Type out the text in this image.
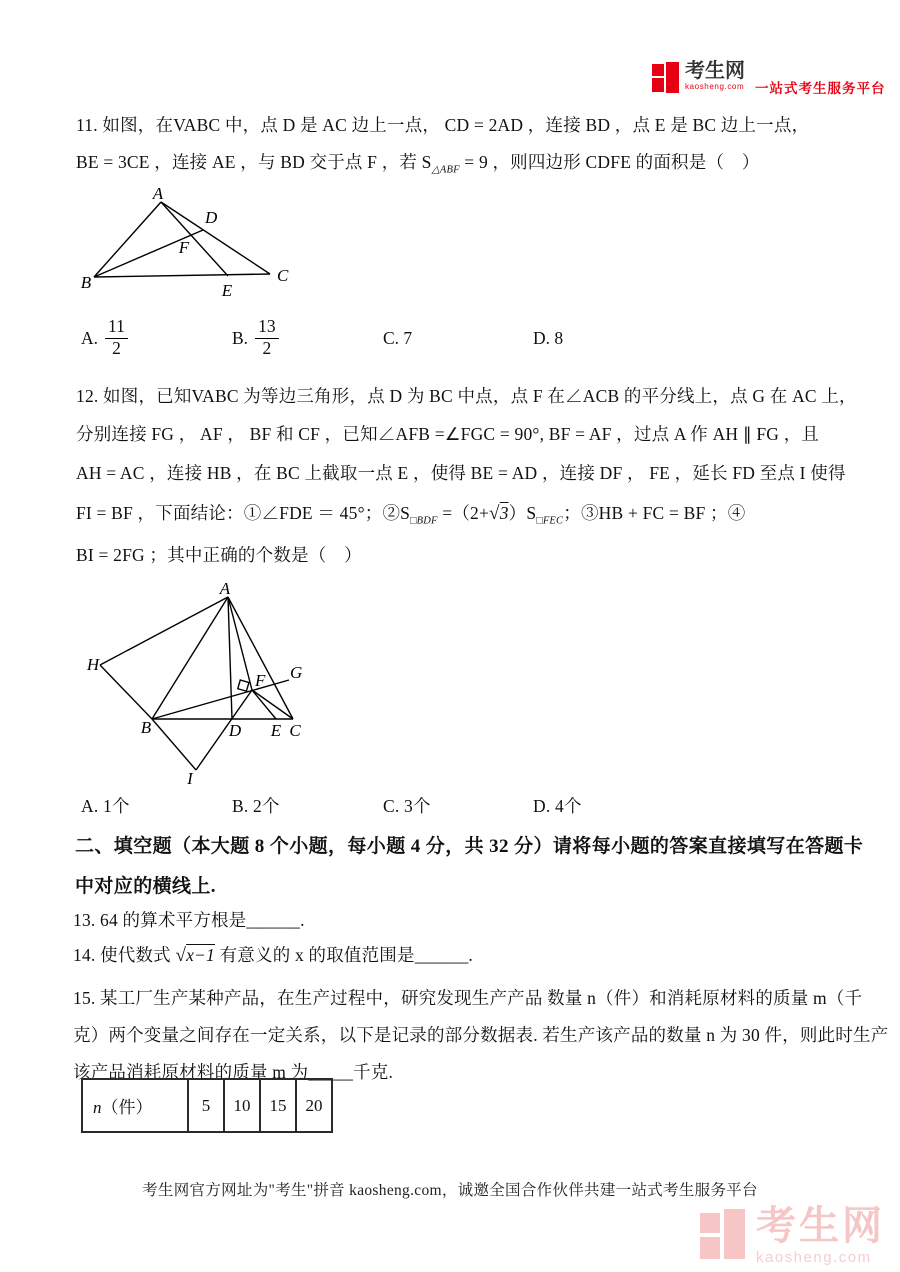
考生网
kaosheng.com 一站式考生服务平台
11. 如图，在VABC 中，点 D 是 AC 边上一点， CD = 2AD ，连接 BD ，点 E 是 BC 边上一点，
BE = 3CE ，连接 AE ，与 BD 交于点 F ，若 $S_{\triangle ABF} = 9$ ，则四边形 CDFE 的面积是（　）
A
B	C
D
E
F
A. $\frac{11}{2}$	B. $\frac{13}{2}$	C. 7	D. 8
12. 如图，已知VABC 为等边三角形，点 D 为 BC 中点，点 F 在∠ACB 的平分线上，点 G 在 AC 上，
分别连接 FG ， AF ， BF 和 CF ，已知∠AFB =∠FGC = 90°, BF = AF ，过点 A 作 AH ∥ FG ，且
AH = AC ，连接 HB ，在 BC 上截取一点 E ，使得 BE = AD ，连接 DF ， FE ，延长 FD 至点 I 使得
FI = BF ，下面结论：①∠FDE ＝ 45°；$②S_{□BDF} =(2+√3)S_{□FEC}$；③HB + FC = BF ；④
BI = 2FG ；其中正确的个数是（　）
A
H	G
F
B	D E C
I
A. 1个	B. 2个	C. 3个	D. 4个
二、填空题（本大题 8 个小题，每小题 4 分，共 32 分）请将每小题的答案直接填写在答题卡
中对应的横线上.
13. 64 的算术平方根是______.
14. 使代数式 √x−1 有意义的 x 的取值范围是______.
15. 某工厂生产某种产品，在生产过程中，研究发现生产产品 数量 n（件）和消耗原材料的质量 m（千
克）两个变量之间存在一定关系，以下是记录的部分数据表. 若生产该产品的数量 n 为 30 件，则此时生产
该产品消耗原材料的质量 m 为_____千克.
n（件）	5	10	15	20
考生网官方网址为"考生"拼音 kaosheng.com，诚邀全国合作伙伴共建一站式考生服务平台
考生网
kaosheng.com
